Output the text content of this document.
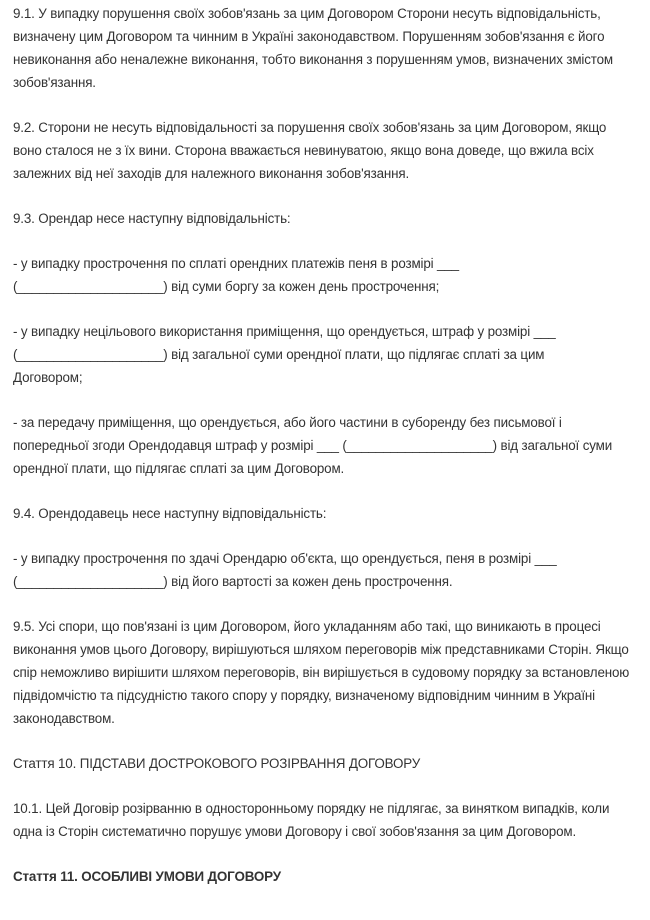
9.1. У випадку порушення своїх зобов'язань за цим Договором Сторони несуть відповідальність, визначену цим Договором та чинним в Україні законодавством. Порушенням зобов'язання є його невиконання або неналежне виконання, тобто виконання з порушенням умов, визначених змістом зобов'язання.

9.2. Сторони не несуть відповідальності за порушення своїх зобов'язань за цим Договором, якщо воно сталося не з їх вини. Сторона вважається невинуватою, якщо вона доведе, що вжила всіх залежних від неї заходів для належного виконання зобов'язання.

9.3. Орендар несе наступну відповідальність:

- у випадку прострочення по сплаті орендних платежів пеня в розмірі ___

(____________________) від суми боргу за кожен день прострочення;

- у випадку нецільового використання приміщення, що орендується, штраф у розмірі ___

(____________________) від загальної суми орендної плати, що підлягає сплаті за цим Договором;

- за передачу приміщення, що орендується, або його частини в суборенду без письмової і попередньої згоди Орендодавця штраф у розмірі ___ (____________________) від загальної суми орендної плати, що підлягає сплаті за цим Договором.

9.4. Орендодавець несе наступну відповідальність:

- у випадку прострочення по здачі Орендарю об'єкта, що орендується, пеня в розмірі ___

(____________________) від його вартості за кожен день прострочення.

9.5. Усі спори, що пов'язані із цим Договором, його укладанням або такі, що виникають в процесі виконання умов цього Договору, вирішуються шляхом переговорів між представниками Сторін. Якщо спір неможливо вирішити шляхом переговорів, він вирішується в судовому порядку за встановленою підвідомчістю та підсудністю такого спору у порядку, визначеному відповідним чинним в Україні законодавством.

Стаття 10. ПІДСТАВИ ДОСТРОКОВОГО РОЗІРВАННЯ ДОГОВОРУ

10.1. Цей Договір розірванню в односторонньому порядку не підлягає, за винятком випадків, коли одна із Сторін систематично порушує умови Договору і свої зобов'язання за цим Договором.

Стаття 11. ОСОБЛИВІ УМОВИ ДОГОВОРУ
